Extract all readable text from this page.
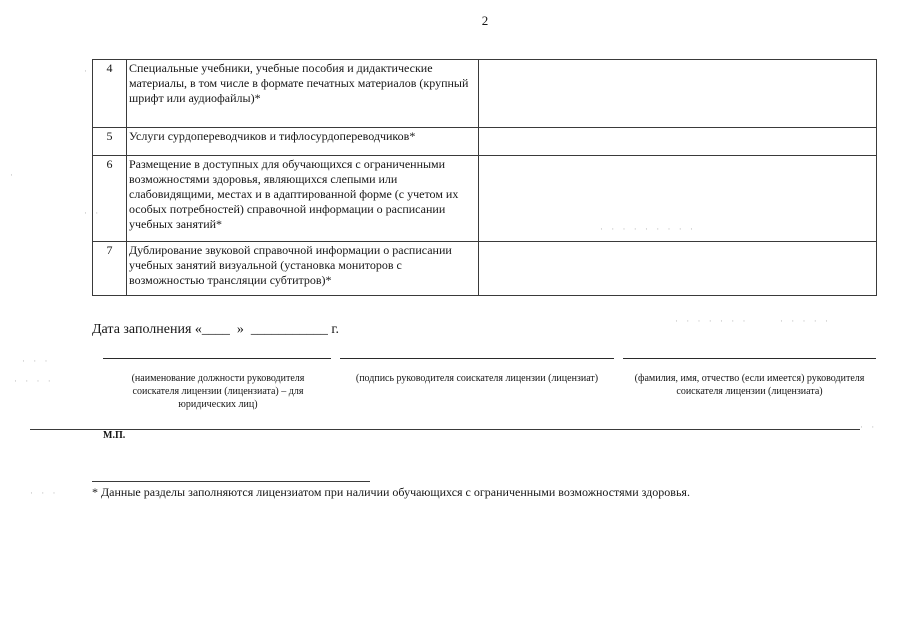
2
4	Специальные учебники, учебные пособия и дидактические материалы, в том числе в формате печатных материалов (крупный шрифт или аудиофайлы)*	
5	Услуги сурдопереводчиков и тифлосурдопереводчиков*	
6	Размещение в доступных для обучающихся с ограниченными возможностями здоровья, являющихся слепыми или слабовидящими, местах и в адаптированной форме (с учетом их особых потребностей) справочной информации о расписании учебных занятий*	
7	Дублирование звуковой справочной информации о расписании учебных занятий визуальной (установка мониторов с возможностью трансляции субтитров)*	
Дата заполнения «____  »  ___________ г.
(наименование должности руководителя соискателя лицензии (лицензиата) – для юридических лиц)
(подпись руководителя соискателя лицензии (лицензиат)	(фамилия, имя, отчество (если имеется) руководителя соискателя лицензии (лицензиата)
М.П.
* Данные разделы заполняются лицензиатом при наличии обучающихся с ограниченными возможностями здоровья.
·
·
· ·
· · ·
· · · ·
· · ·
· · · · · · ·	· · · · ·
· ·
· · · · · · · · ·
